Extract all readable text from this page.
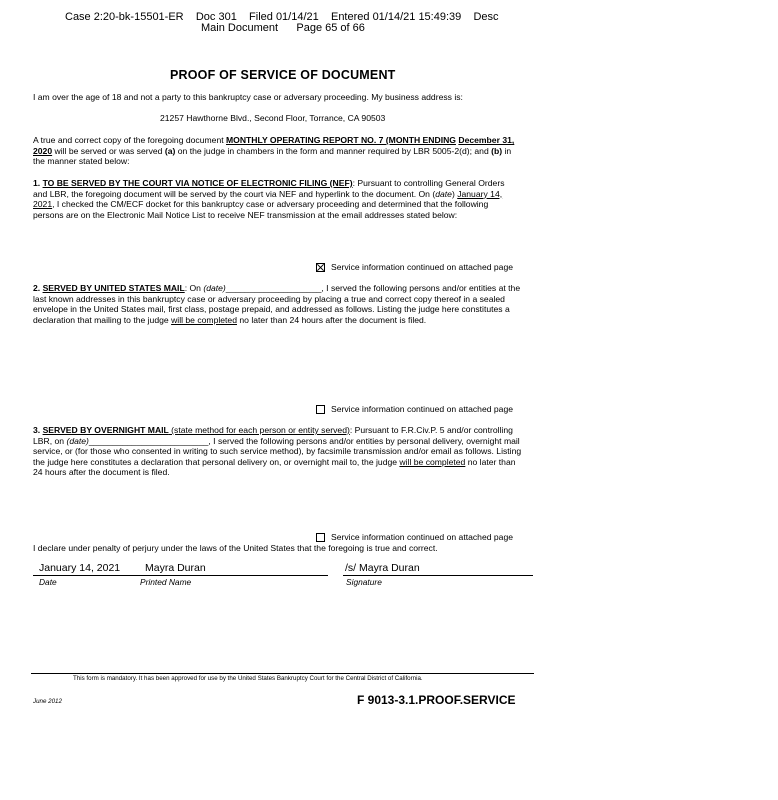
Case 2:20-bk-15501-ER    Doc 301    Filed 01/14/21    Entered 01/14/21 15:49:39    Desc
Main Document      Page 65 of 66
PROOF OF SERVICE OF DOCUMENT
I am over the age of 18 and not a party to this bankruptcy case or adversary proceeding. My business address is:
21257 Hawthorne Blvd., Second Floor, Torrance, CA 90503
A true and correct copy of the foregoing document MONTHLY OPERATING REPORT NO. 7 (MONTH ENDING December 31, 2020 will be served or was served (a) on the judge in chambers in the form and manner required by LBR 5005-2(d); and (b) in the manner stated below:
1. TO BE SERVED BY THE COURT VIA NOTICE OF ELECTRONIC FILING (NEF): Pursuant to controlling General Orders and LBR, the foregoing document will be served by the court via NEF and hyperlink to the document. On (date) January 14, 2021, I checked the CM/ECF docket for this bankruptcy case or adversary proceeding and determined that the following persons are on the Electronic Mail Notice List to receive NEF transmission at the email addresses stated below:
Service information continued on attached page
2. SERVED BY UNITED STATES MAIL: On (date)____________________, I served the following persons and/or entities at the last known addresses in this bankruptcy case or adversary proceeding by placing a true and correct copy thereof in a sealed envelope in the United States mail, first class, postage prepaid, and addressed as follows. Listing the judge here constitutes a declaration that mailing to the judge will be completed no later than 24 hours after the document is filed.
Service information continued on attached page
3. SERVED BY OVERNIGHT MAIL (state method for each person or entity served): Pursuant to F.R.Civ.P. 5 and/or controlling LBR, on (date)_________________________, I served the following persons and/or entities by personal delivery, overnight mail service, or (for those who consented in writing to such service method), by facsimile transmission and/or email as follows. Listing the judge here constitutes a declaration that personal delivery on, or overnight mail to, the judge will be completed no later than 24 hours after the document is filed.
Service information continued on attached page
I declare under penalty of perjury under the laws of the United States that the foregoing is true and correct.
January 14, 2021 Mayra Duran	/s/ Mayra Duran
Date	Printed Name	Signature
This form is mandatory. It has been approved for use by the United States Bankruptcy Court for the Central District of California.
June 2012	F 9013-3.1.PROOF.SERVICE
